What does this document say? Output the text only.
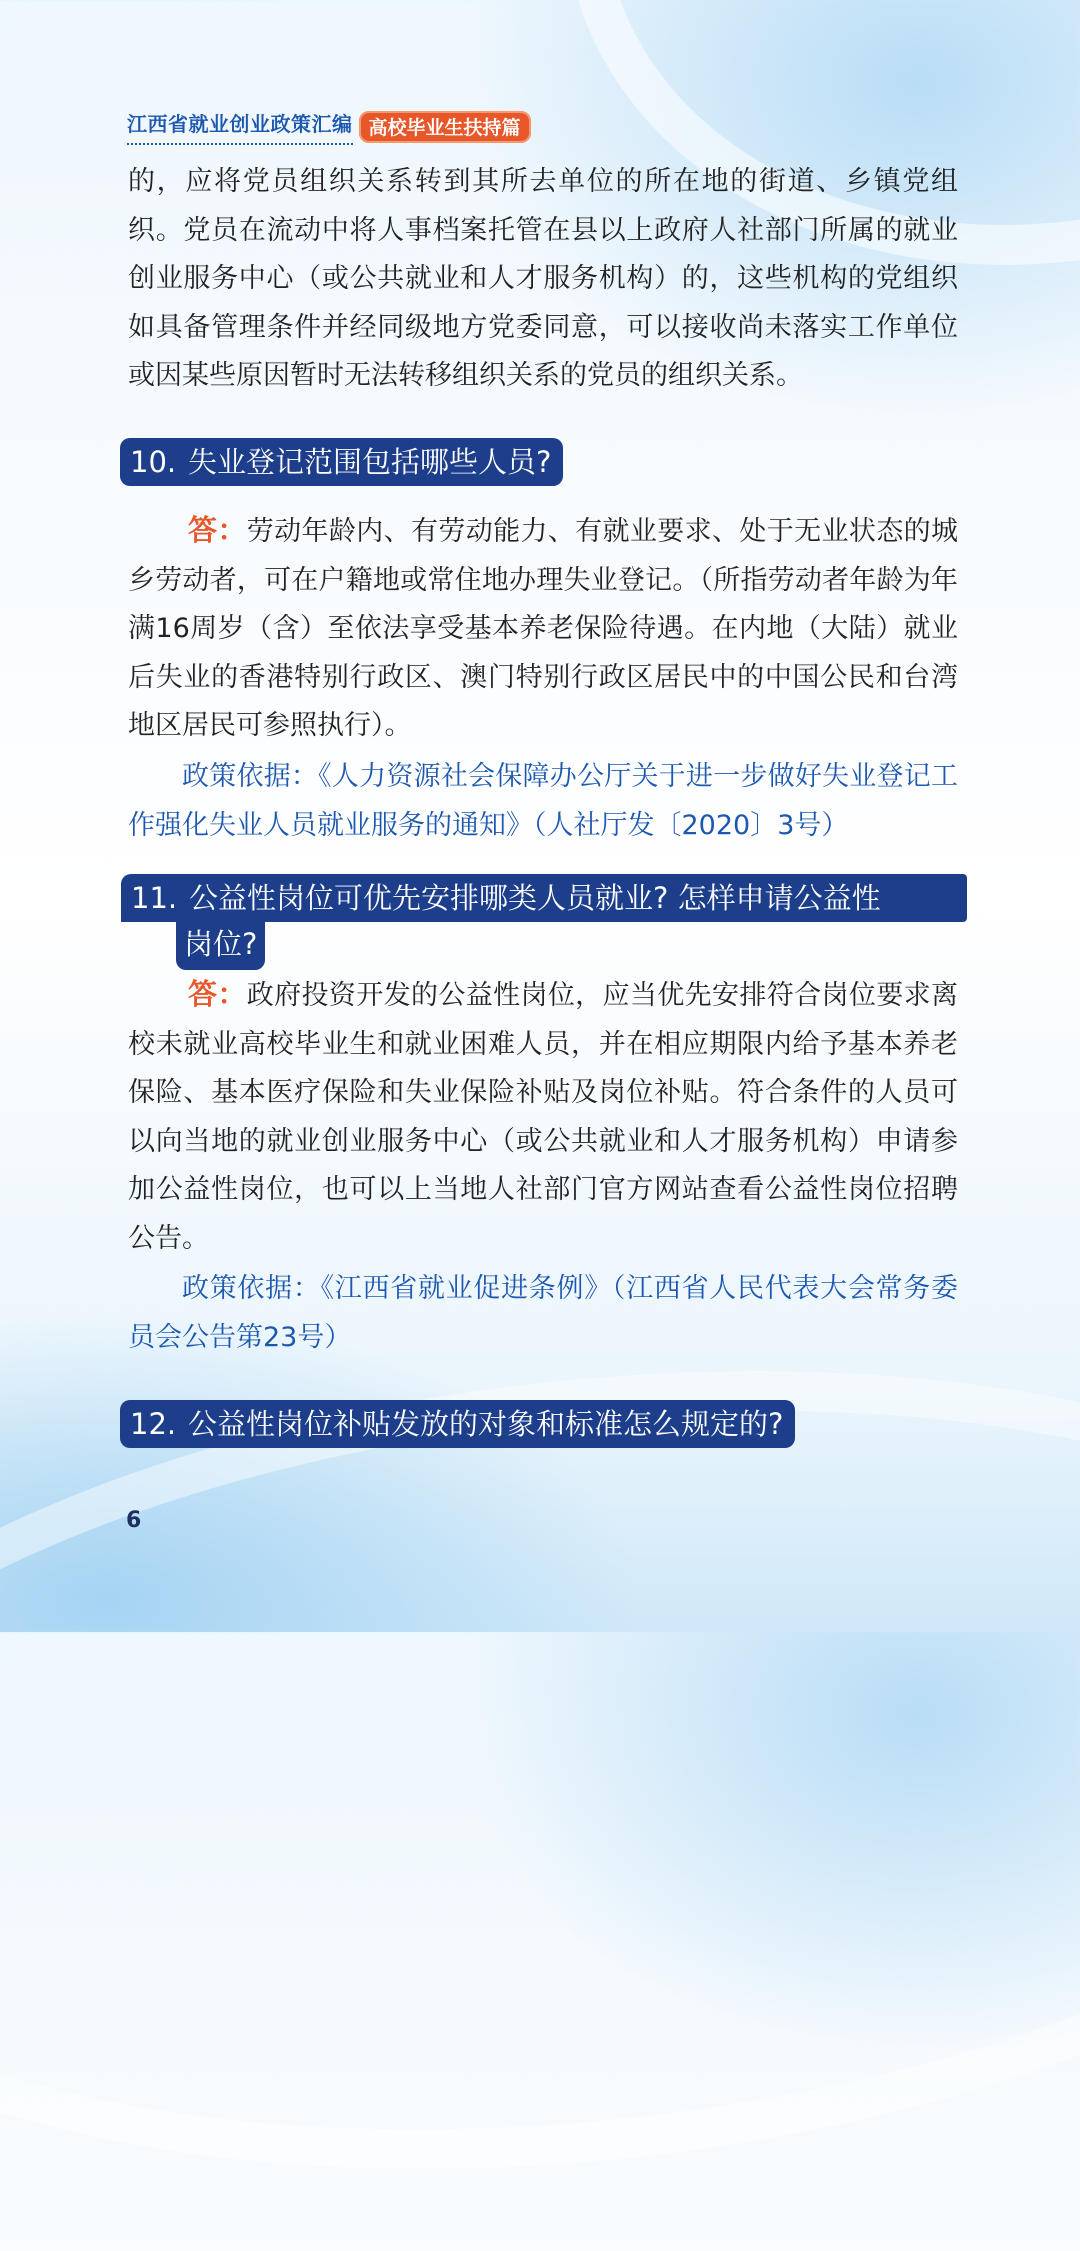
江西省就业创业政策汇编 高校毕业生扶持篇

的，应将党员组织关系转到其所去单位的所在地的街道、乡镇党组织。党员在流动中将人事档案托管在县以上政府人社部门所属的就业创业服务中心（或公共就业和人才服务机构）的，这些机构的党组织如具备管理条件并经同级地方党委同意，可以接收尚未落实工作单位或因某些原因暂时无法转移组织关系的党员的组织关系。

10. 失业登记范围包括哪些人员?

答：劳动年龄内、有劳动能力、有就业要求、处于无业状态的城乡劳动者，可在户籍地或常住地办理失业登记。（所指劳动者年龄为年满16周岁（含）至依法享受基本养老保险待遇。在内地（大陆）就业后失业的香港特别行政区、澳门特别行政区居民中的中国公民和台湾地区居民可参照执行）。

政策依据：《人力资源社会保障办公厅关于进一步做好失业登记工作强化失业人员就业服务的通知》（人社厅发〔2020〕3号）

11. 公益性岗位可优先安排哪类人员就业? 怎样申请公益性
岗位?

答：政府投资开发的公益性岗位，应当优先安排符合岗位要求离校未就业高校毕业生和就业困难人员，并在相应期限内给予基本养老保险、基本医疗保险和失业保险补贴及岗位补贴。符合条件的人员可以向当地的就业创业服务中心（或公共就业和人才服务机构）申请参加公益性岗位，也可以上当地人社部门官方网站查看公益性岗位招聘公告。

政策依据：《江西省就业促进条例》（江西省人民代表大会常务委员会公告第23号）

12. 公益性岗位补贴发放的对象和标准怎么规定的?
6
